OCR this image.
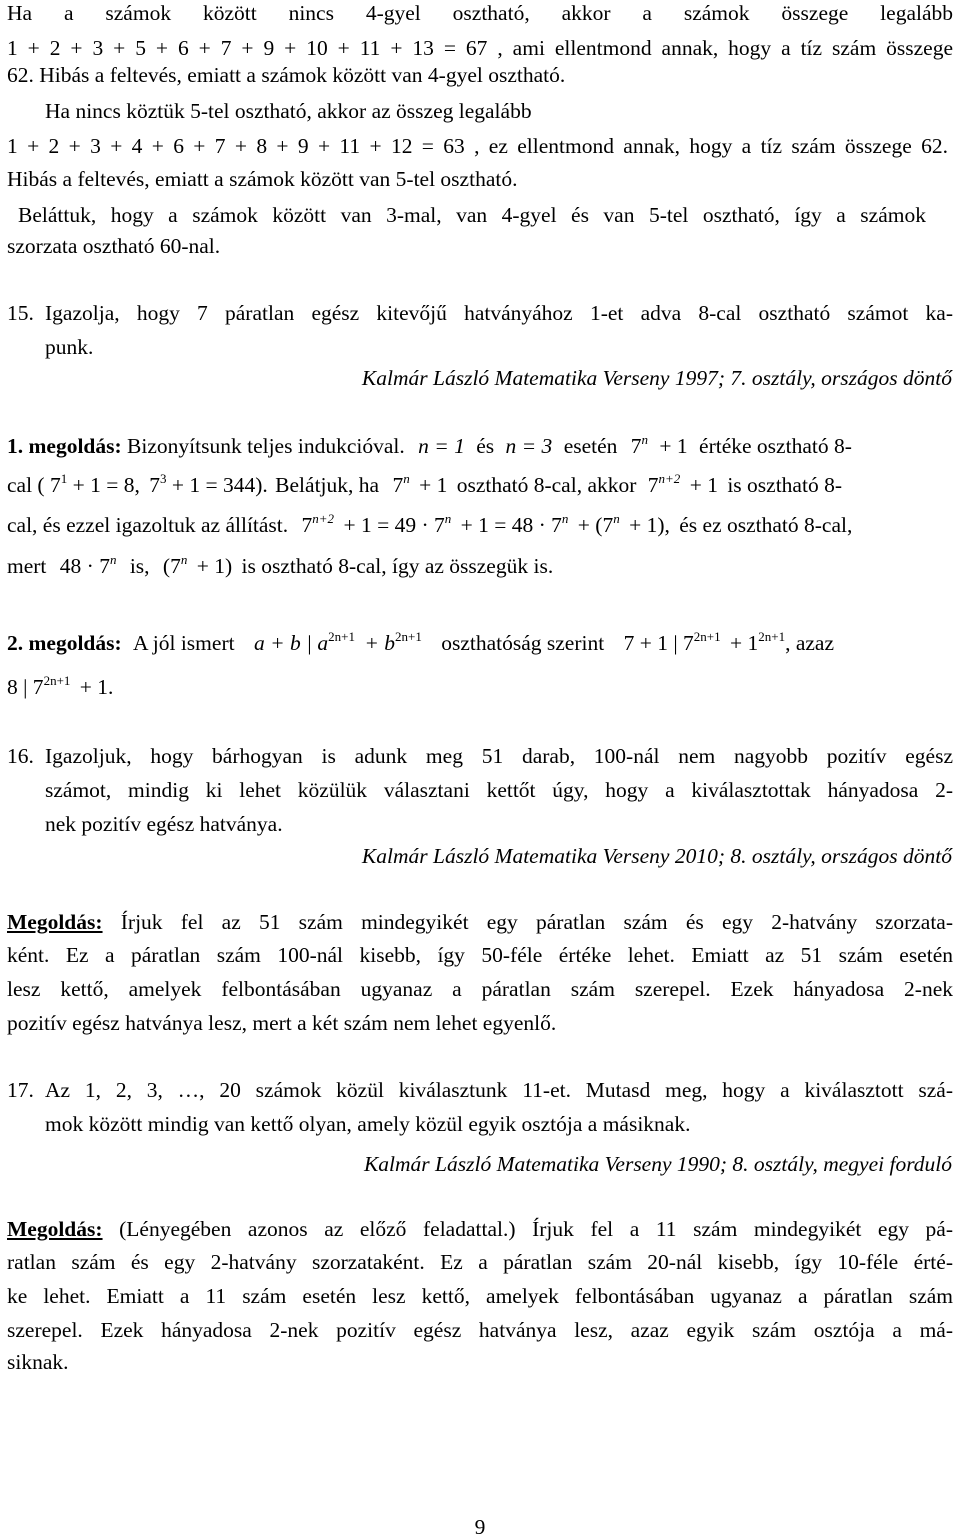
Ha a számok között nincs 4-gyel osztható, akkor a számok összege legalább
1 + 2 + 3 + 5 + 6 + 7 + 9 + 10 + 11 + 13 = 67 , ami ellentmond annak, hogy a tíz szám összege
62. Hibás a feltevés, emiatt a számok között van 4-gyel osztható.
Ha nincs köztük 5-tel osztható, akkor az összeg legalább
1 + 2 + 3 + 4 + 6 + 7 + 8 + 9 + 11 + 12 = 63 , ez ellentmond annak, hogy a tíz szám összege 62.
Hibás a feltevés, emiatt a számok között van 5-tel osztható.
Beláttuk, hogy a számok között van 3-mal, van 4-gyel és van 5-tel osztható, így a számok
szorzata osztható 60-nal.
15. Igazolja, hogy 7 páratlan egész kitevőjű hatványához 1-et adva 8-cal osztható számot ka-
punk.
Kalmár László Matematika Verseny 1997; 7. osztály, országos döntő
1. megoldás: Bizonyítsunk teljes indukcióval. n = 1 és n = 3 esetén $7^n + 1$ értéke osztható 8-
cal ( $7^1 + 1 = 8$, $7^3 + 1 = 344$). Belátjuk, ha $7^n + 1$ osztható 8-cal, akkor $7^{n+2} + 1$ is osztható 8-
cal, és ezzel igazoltuk az állítást. $7^{n+2} + 1 = 49 \cdot 7^n + 1 = 48 \cdot 7^n + (7^n + 1)$, és ez osztható 8-cal,
mert $48 \cdot 7^n$ is, $(7^n + 1)$ is osztható 8-cal, így az összegük is.
2. megoldás: A jól ismert a + b | $a^{2n+1} + b^{2n+1}$ oszthatóság szerint 7 + 1 | $7^{2n+1} + 1^{2n+1}$, azaz
8 | $7^{2n+1} + 1$.
16. Igazoljuk, hogy bárhogyan is adunk meg 51 darab, 100-nál nem nagyobb pozitív egész
számot, mindig ki lehet közülük választani kettőt úgy, hogy a kiválasztottak hányadosa 2-
nek pozitív egész hatványa.
Kalmár László Matematika Verseny 2010; 8. osztály, országos döntő
Megoldás: Írjuk fel az 51 szám mindegyikét egy páratlan szám és egy 2-hatvány szorzata-
ként. Ez a páratlan szám 100-nál kisebb, így 50-féle értéke lehet. Emiatt az 51 szám esetén
lesz kettő, amelyek felbontásában ugyanaz a páratlan szám szerepel. Ezek hányadosa 2-nek
pozitív egész hatványa lesz, mert a két szám nem lehet egyenlő.
17. Az 1, 2, 3, …, 20 számok közül kiválasztunk 11-et. Mutasd meg, hogy a kiválasztott szá-
mok között mindig van kettő olyan, amely közül egyik osztója a másiknak.
Kalmár László Matematika Verseny 1990; 8. osztály, megyei forduló
Megoldás: (Lényegében azonos az előző feladattal.) Írjuk fel a 11 szám mindegyikét egy pá-
ratlan szám és egy 2-hatvány szorzataként. Ez a páratlan szám 20-nál kisebb, így 10-féle érté-
ke lehet. Emiatt a 11 szám esetén lesz kettő, amelyek felbontásában ugyanaz a páratlan szám
szerepel. Ezek hányadosa 2-nek pozitív egész hatványa lesz, azaz egyik szám osztója a má-
siknak.
9
